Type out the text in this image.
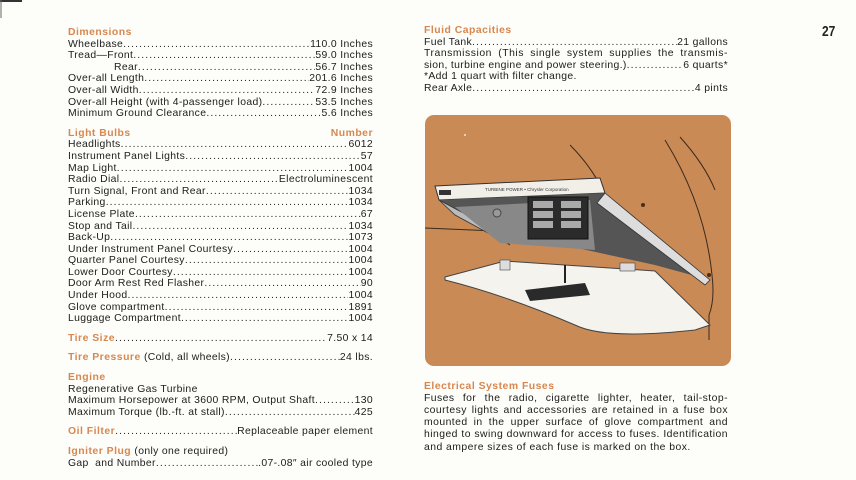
Dimensions
Wheelbase .....	110.0 Inches
Tread—Front .....	59.0 Inches
Rear .....	56.7 Inches
Over-all Length .....	201.6 Inches
Over-all Width .....	72.9 Inches
Over-all Height (with 4-passenger load) .....	53.5 Inches
Minimum Ground Clearance .....	5.6 Inches
Light Bulbs	Number
Headlights .....	6012
Instrument Panel Lights .....	57
Map Light .....	1004
Radio Dial .....	Electroluminescent
Turn Signal, Front and Rear .....	1034
Parking .....	1034
License Plate .....	67
Stop and Tail .....	1034
Back-Up .....	1073
Under Instrument Panel Courtesy .....	1004
Quarter Panel Courtesy .....	1004
Lower Door Courtesy .....	1004
Door Arm Rest Red Flasher .....	90
Under Hood .....	1004
Glove compartment .....	1891
Luggage Compartment .....	1004
Tire Size .....	7.50 x 14
Tire Pressure (Cold, all wheels) .....	24 lbs.
Engine
Regenerative Gas Turbine
Maximum Horsepower at 3600 RPM, Output Shaft .....	130
Maximum Torque (lb.-ft. at stall) .....	425
Oil Filter .....	Replaceable paper element
Igniter Plug (only one required)
Gap  and Number .....	.07-.08″ air cooled type
Fluid Capacities
Fuel Tank .....	21 gallons
Transmission (This single system supplies the transmis-
sion, turbine engine and power steering.) .....	6 quarts*
*Add 1 quart with filter change.
Rear Axle .....	4 pints
TURBINE POWER • Chrysler Corporation
Electrical System Fuses
Fuses for the radio, cigarette lighter, heater, tail-stop-courtesy lights and accessories are retained in a fuse box mounted in the upper surface of glove compartment and hinged to swing downward for access to fuses. Identification and ampere sizes of each fuse is marked on the box.
27
